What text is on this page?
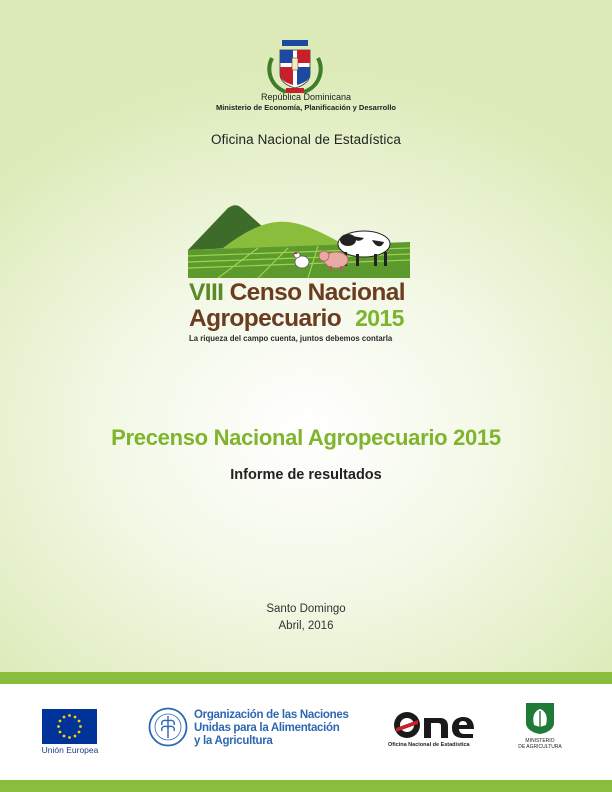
República Dominicana
Ministerio de Economía, Planificación y Desarrollo
Oficina Nacional de Estadística
VIII Censo Nacional
Agropecuario 2015
La riqueza del campo cuenta, juntos debemos contarla
Precenso Nacional Agropecuario 2015
Informe de resultados
Santo Domingo
Abril, 2016
Unión Europea
Organización de las Naciones
Unidas para la Alimentación
y la Agricultura	Oficina Nacional de Estadística
MINISTERIO
DE AGRICULTURA
